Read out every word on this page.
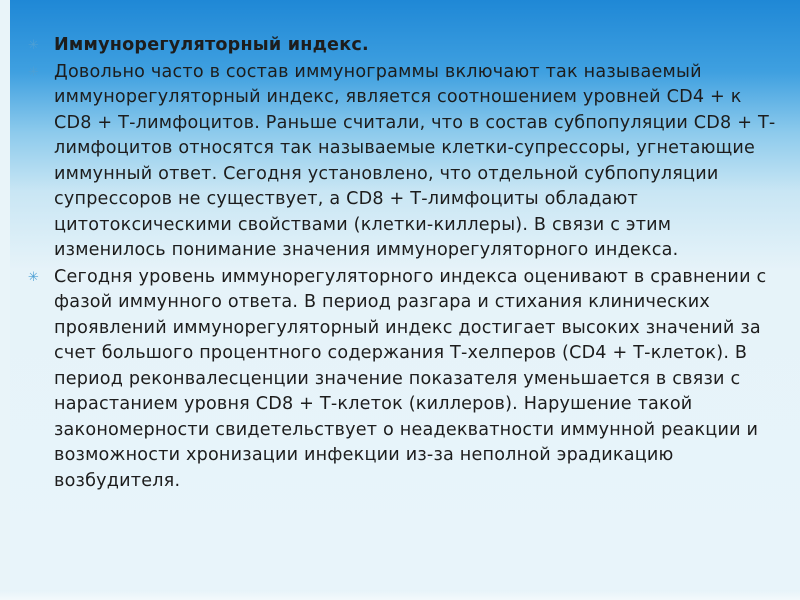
✳ Иммунорегуляторный индекс.
✳ Довольно часто в состав иммунограммы включают так называемый иммунорегуляторный индекс, является соотношением уровней CD4 + к CD8 + Т-лимфоцитов. Раньше считали, что в состав субпопуляции CD8 + Т-лимфоцитов относятся так называемые клетки-супрессоры, угнетающие иммунный ответ. Сегодня установлено, что отдельной субпопуляции супрессоров не существует, а CD8 + Т-лимфоциты обладают цитотоксическими свойствами (клетки-киллеры). В связи с этим изменилось понимание значения иммунорегуляторного индекса.
✳ Сегодня уровень иммунорегуляторного индекса оценивают в сравнении с фазой иммунного ответа. В период разгара и стихания клинических проявлений иммунорегуляторный индекс достигает высоких значений за счет большого процентного содержания Т-хелперов (CD4 + Т-клеток). В период реконвалесценции значение показателя уменьшается в связи с нарастанием уровня CD8 + Т-клеток (киллеров). Нарушение такой закономерности свидетельствует о неадекватности иммунной реакции и возможности хронизации инфекции из-за неполной эрадикацию возбудителя.
